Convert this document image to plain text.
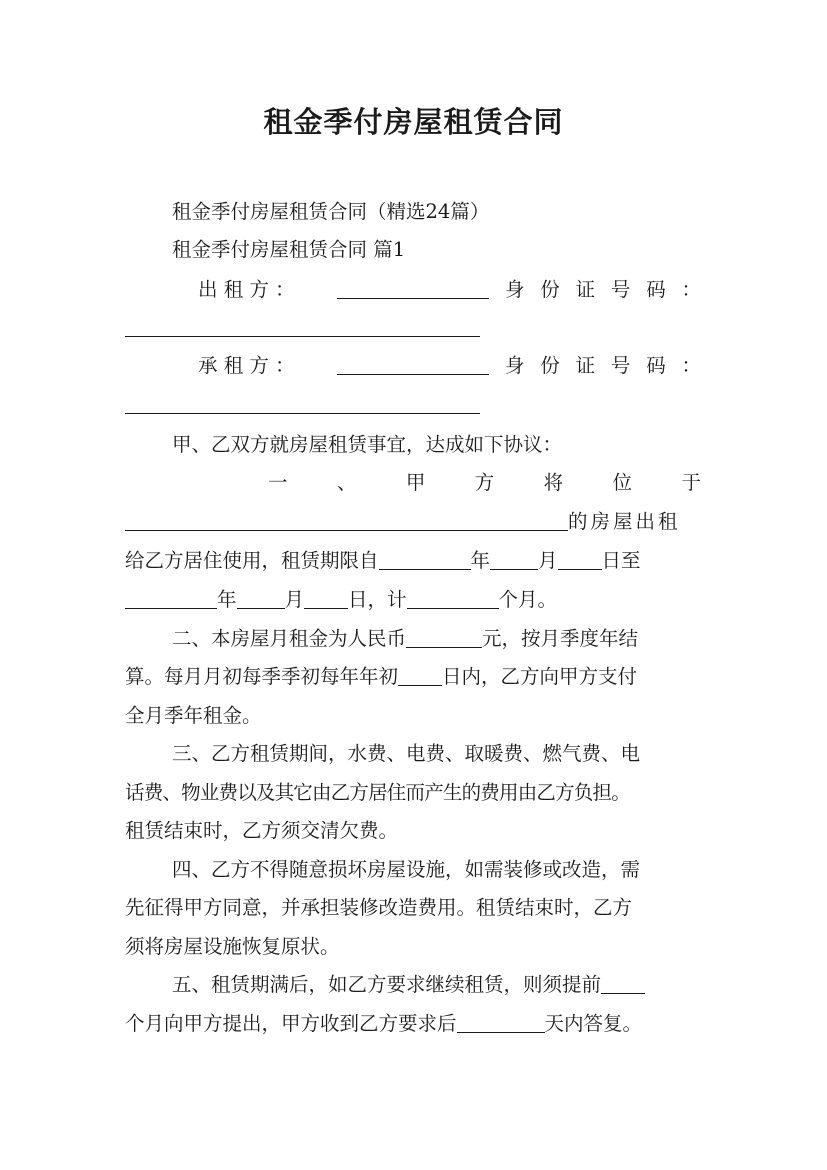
租金季付房屋租赁合同
租金季付房屋租赁合同（精选24篇）
租金季付房屋租赁合同 篇1
出 租 方 ：	身 份 证 号 码 ：
承 租 方 ：	身 份 证 号 码 ：
甲、乙双方就房屋租赁事宜，达成如下协议：
一	、	甲	方	将	位	于
的房屋出租
给乙方居住使用，租赁期限自	年 月 日至
年 月 日，计	个月。
二、本房屋月租金为人民币	元，按月季度年结
算。每月月初每季季初每年年初 日内，乙方向甲方支付
全月季年租金。
三、乙方租赁期间，水费、电费、取暖费、燃气费、电
话费、物业费以及其它由乙方居住而产生的费用由乙方负担。
租赁结束时，乙方须交清欠费。
四、乙方不得随意损坏房屋设施，如需装修或改造，需
先征得甲方同意，并承担装修改造费用。租赁结束时，乙方
须将房屋设施恢复原状。
五、租赁期满后，如乙方要求继续租赁，则须提前
个月向甲方提出，甲方收到乙方要求后	天内答复。
